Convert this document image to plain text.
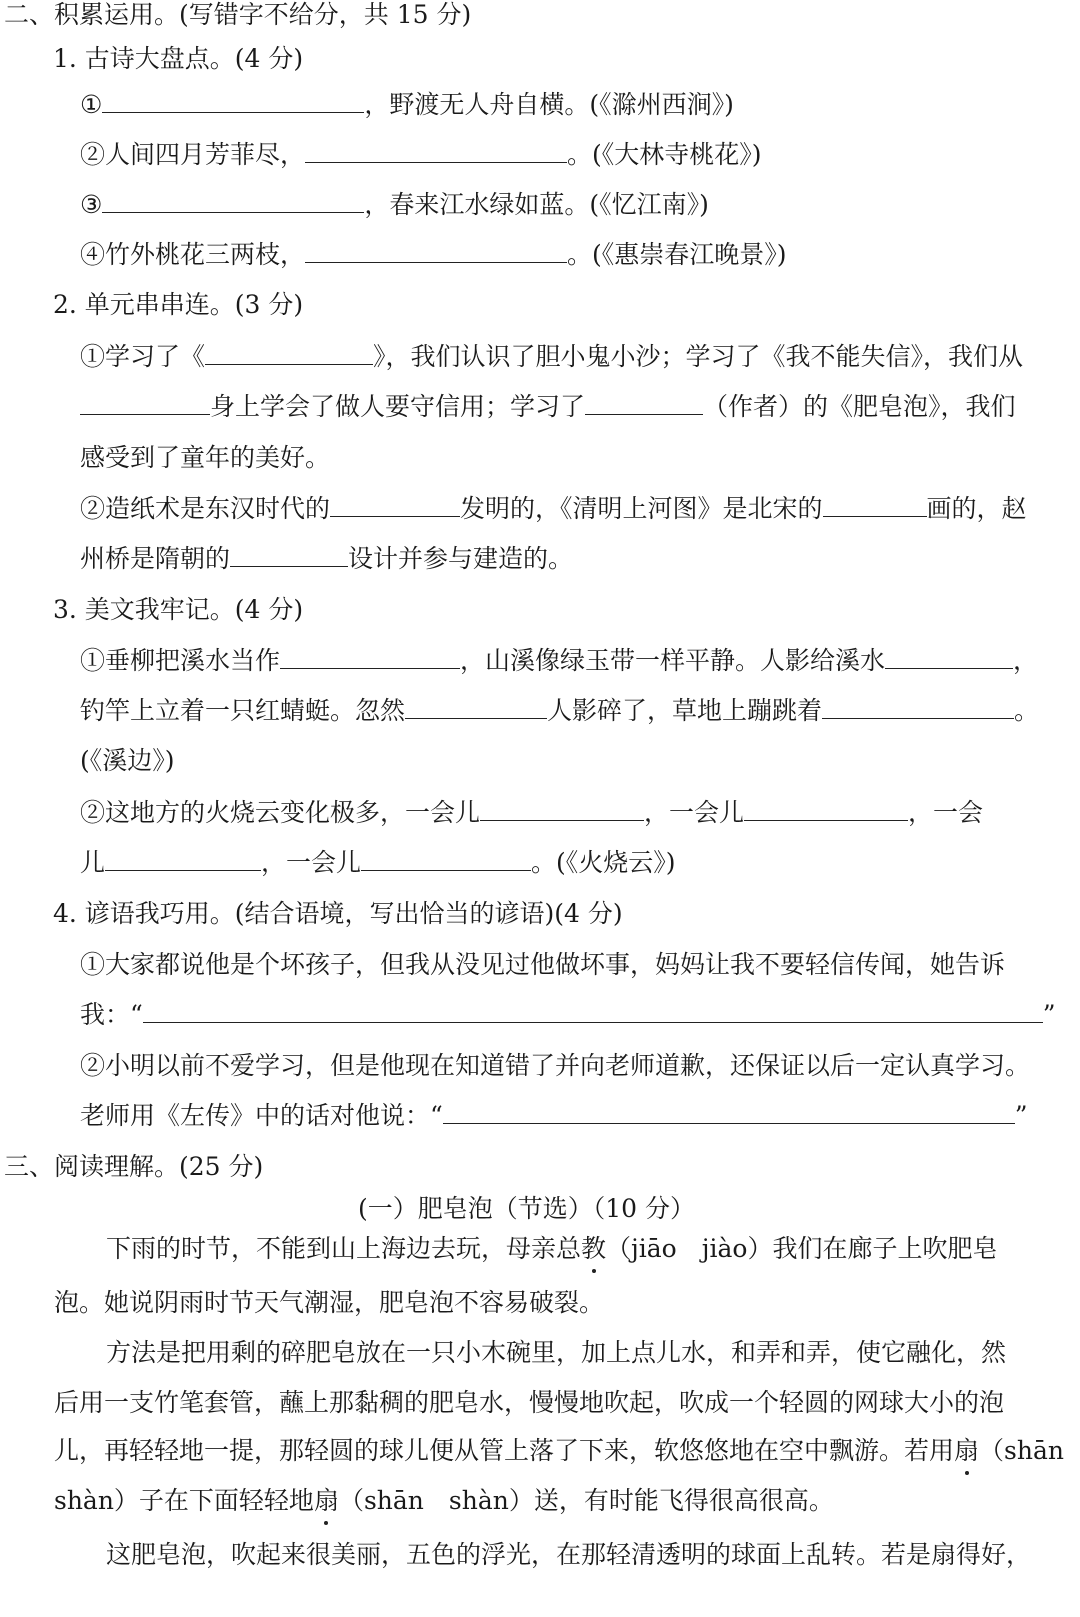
二、积累运用。(写错字不给分，共 15 分)
1. 古诗大盘点。(4 分)
①	，野渡无人舟自横。(《滁州西涧》)
②人间四月芳菲尽，	。(《大林寺桃花》)
③	，春来江水绿如蓝。(《忆江南》)
④竹外桃花三两枝，	。(《惠崇春江晚景》)
2. 单元串串连。(3 分)
①学习了《	》，我们认识了胆小鬼小沙；学习了《我不能失信》，我们从
身上学会了做人要守信用；学习了	（作者）的《肥皂泡》，我们
感受到了童年的美好。
②造纸术是东汉时代的	发明的，《清明上河图》是北宋的	画的，赵
州桥是隋朝的	设计并参与建造的。
3. 美文我牢记。(4 分)
①垂柳把溪水当作	，山溪像绿玉带一样平静。人影给溪水	，
钓竿上立着一只红蜻蜓。忽然	人影碎了，草地上蹦跳着	。
(《溪边》)
②这地方的火烧云变化极多，一会儿	，一会儿	，一会
儿	，一会儿	。(《火烧云》)
4. 谚语我巧用。(结合语境，写出恰当的谚语)(4 分)
①大家都说他是个坏孩子，但我从没见过他做坏事，妈妈让我不要轻信传闻，她告诉
我：“	”
②小明以前不爱学习，但是他现在知道错了并向老师道歉，还保证以后一定认真学习。
老师用《左传》中的话对他说：“	”
三、阅读理解。(25 分)
(一）肥皂泡（节选）（10 分）
下雨的时节，不能到山上海边去玩，母亲总教（jiāo　jiào）我们在廊子上吹肥皂
泡。她说阴雨时节天气潮湿，肥皂泡不容易破裂。
方法是把用剩的碎肥皂放在一只小木碗里，加上点儿水，和弄和弄，使它融化，然
后用一支竹笔套管，蘸上那黏稠的肥皂水，慢慢地吹起，吹成一个轻圆的网球大小的泡
儿，再轻轻地一提，那轻圆的球儿便从管上落了下来，软悠悠地在空中飘游。若用扇（shān
shàn）子在下面轻轻地扇（shān　shàn）送，有时能飞得很高很高。
这肥皂泡，吹起来很美丽，五色的浮光，在那轻清透明的球面上乱转。若是扇得好，
